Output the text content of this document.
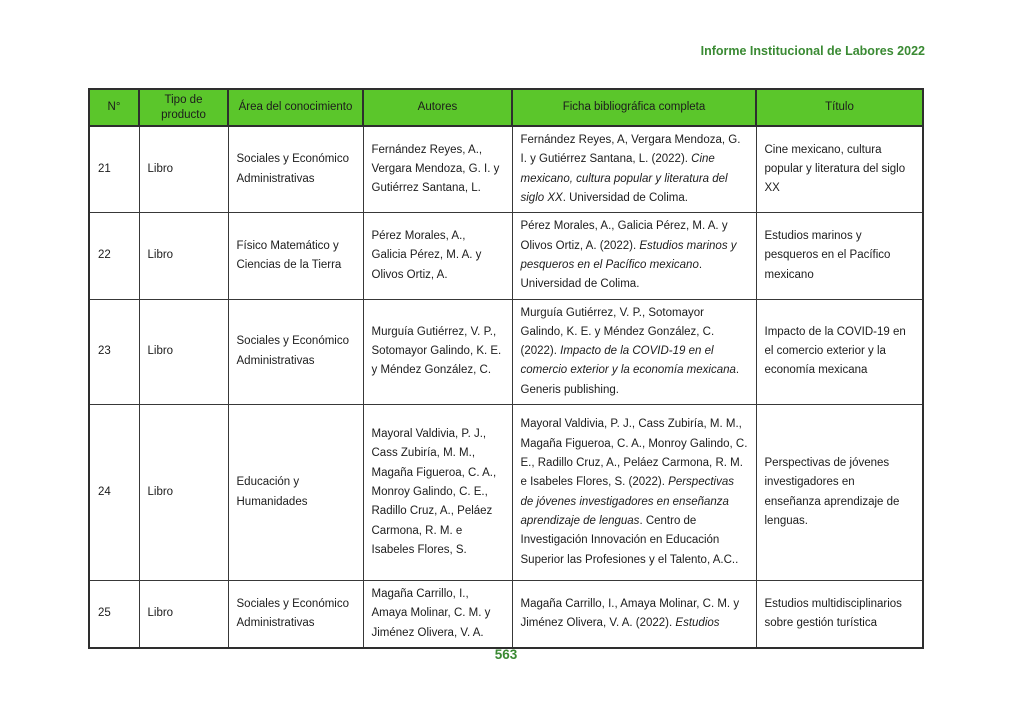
Informe Institucional de Labores 2022
N°	Tipo de producto	Área del conocimiento	Autores	Ficha bibliográfica completa	Título
21	Libro	Sociales y Económico Administrativas	Fernández Reyes, A., Vergara Mendoza, G. I. y Gutiérrez Santana, L.	Fernández Reyes, A, Vergara Mendoza, G. I. y Gutiérrez Santana, L. (2022). Cine mexicano, cultura popular y literatura del siglo XX. Universidad de Colima.	Cine mexicano, cultura popular y literatura del siglo XX
22	Libro	Físico Matemático y Ciencias de la Tierra	Pérez Morales, A., Galicia Pérez, M. A. y Olivos Ortiz, A.	Pérez Morales, A., Galicia Pérez, M. A. y Olivos Ortiz, A. (2022). Estudios marinos y pesqueros en el Pacífico mexicano. Universidad de Colima.	Estudios marinos y pesqueros en el Pacífico mexicano
23	Libro	Sociales y Económico Administrativas	Murguía Gutiérrez, V. P., Sotomayor Galindo, K. E. y Méndez González, C.	Murguía Gutiérrez, V. P., Sotomayor Galindo, K. E. y Méndez González, C. (2022). Impacto de la COVID-19 en el comercio exterior y la economía mexicana. Generis publishing.	Impacto de la COVID-19 en el comercio exterior y la economía mexicana
24	Libro	Educación y Humanidades	Mayoral Valdivia, P. J., Cass Zubiría, M. M., Magaña Figueroa, C. A., Monroy Galindo, C. E., Radillo Cruz, A., Peláez Carmona, R. M. e Isabeles Flores, S.	Mayoral Valdivia, P. J., Cass Zubiría, M. M., Magaña Figueroa, C. A., Monroy Galindo, C. E., Radillo Cruz, A., Peláez Carmona, R. M. e Isabeles Flores, S. (2022). Perspectivas de jóvenes investigadores en enseñanza aprendizaje de lenguas. Centro de Investigación Innovación en Educación Superior las Profesiones y el Talento, A.C..	Perspectivas de jóvenes investigadores en enseñanza aprendizaje de lenguas.
25	Libro	Sociales y Económico Administrativas	Magaña Carrillo, I., Amaya Molinar, C. M. y Jiménez Olivera, V. A.	Magaña Carrillo, I., Amaya Molinar, C. M. y Jiménez Olivera, V. A. (2022). Estudios	Estudios multidisciplinarios sobre gestión turística
563
